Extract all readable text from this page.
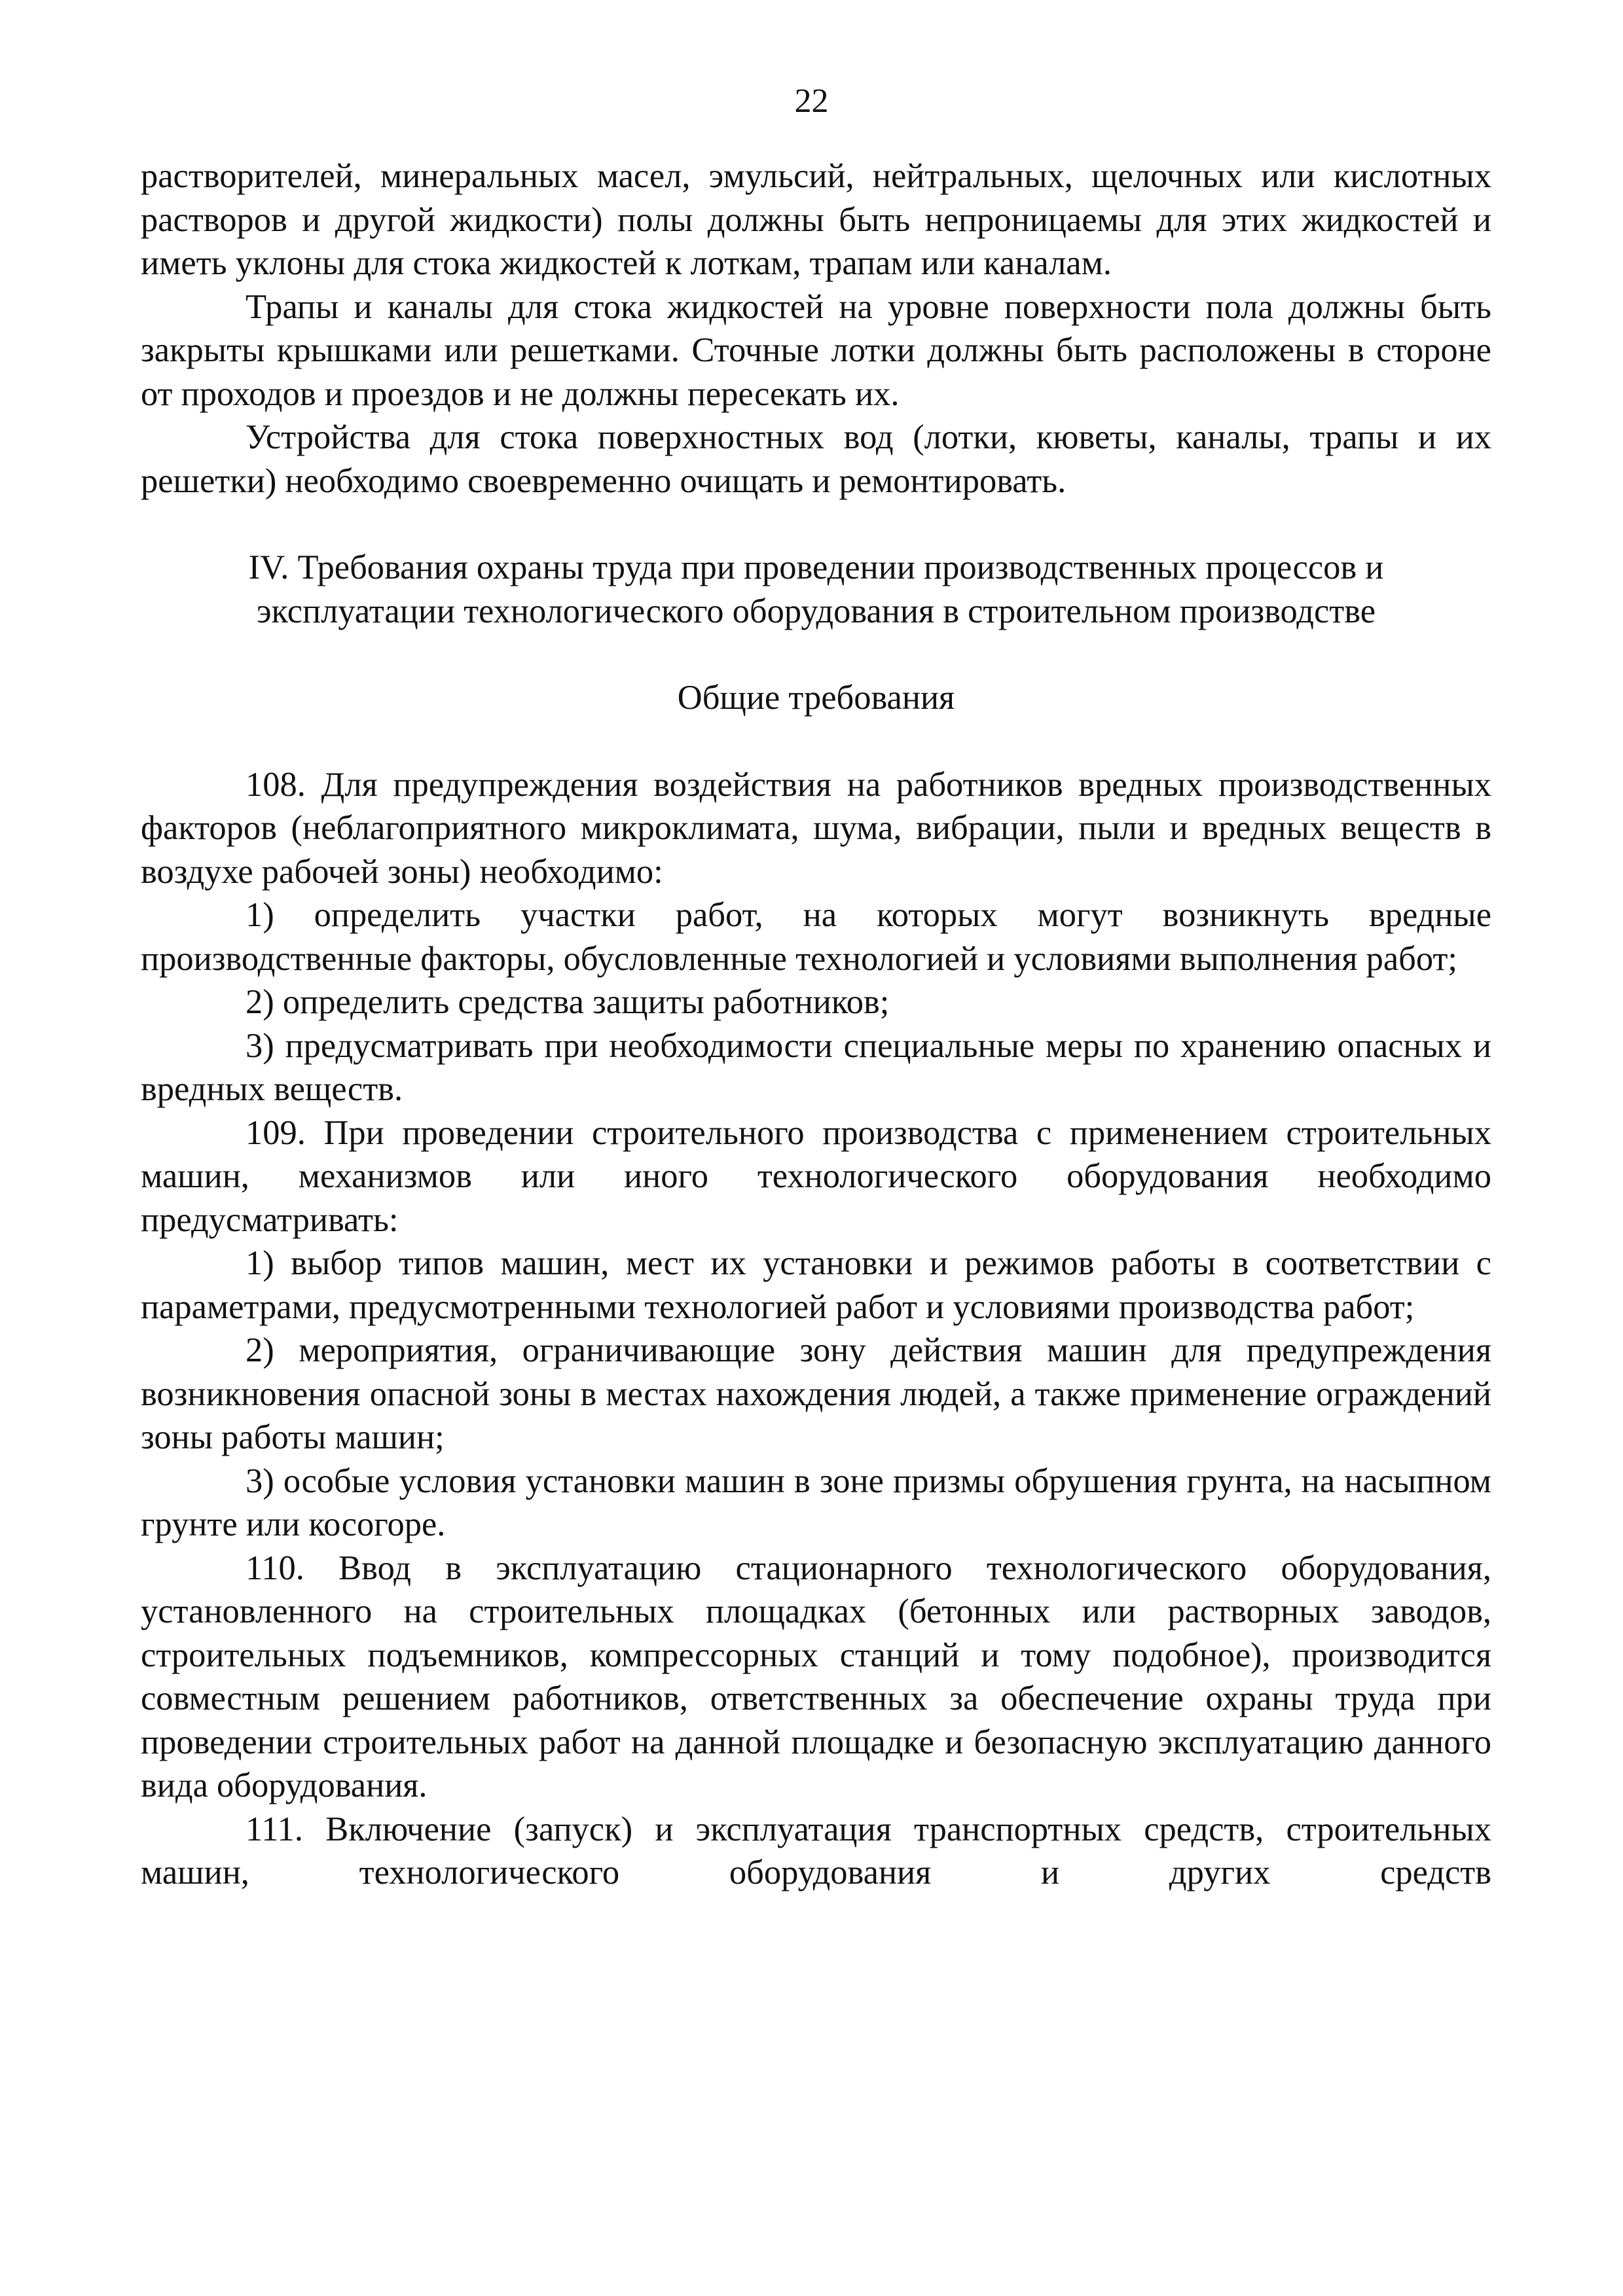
22

растворителей, минеральных масел, эмульсий, нейтральных, щелочных или кислотных растворов и другой жидкости) полы должны быть непроницаемы для этих жидкостей и иметь уклоны для стока жидкостей к лоткам, трапам или каналам.

Трапы и каналы для стока жидкостей на уровне поверхности пола должны быть закрыты крышками или решетками. Сточные лотки должны быть расположены в стороне от проходов и проездов и не должны пересекать их.

Устройства для стока поверхностных вод (лотки, кюветы, каналы, трапы и их решетки) необходимо своевременно очищать и ремонтировать.

IV. Требования охраны труда при проведении производственных процессов и
эксплуатации технологического оборудования в строительном производстве
Общие требования

108. Для предупреждения воздействия на работников вредных производственных факторов (неблагоприятного микроклимата, шума, вибрации, пыли и вредных веществ в воздухе рабочей зоны) необходимо:

1) определить участки работ, на которых могут возникнуть вредные производственные факторы, обусловленные технологией и условиями выполнения работ;

2) определить средства защиты работников;

3) предусматривать при необходимости специальные меры по хранению опасных и вредных веществ.

109. При проведении строительного производства с применением строительных машин, механизмов или иного технологического оборудования необходимо предусматривать:

1) выбор типов машин, мест их установки и режимов работы в соответствии с параметрами, предусмотренными технологией работ и условиями производства работ;

2) мероприятия, ограничивающие зону действия машин для предупреждения возникновения опасной зоны в местах нахождения людей, а также применение ограждений зоны работы машин;

3) особые условия установки машин в зоне призмы обрушения грунта, на насыпном грунте или косогоре.

110. Ввод в эксплуатацию стационарного технологического оборудования, установленного на строительных площадках (бетонных или растворных заводов, строительных подъемников, компрессорных станций и тому подобное), производится совместным решением работников, ответственных за обеспечение охраны труда при проведении строительных работ на данной площадке и безопасную эксплуатацию данного вида оборудования.

111. Включение (запуск) и эксплуатация транспортных средств, строительных машин, технологического оборудования и других средств
